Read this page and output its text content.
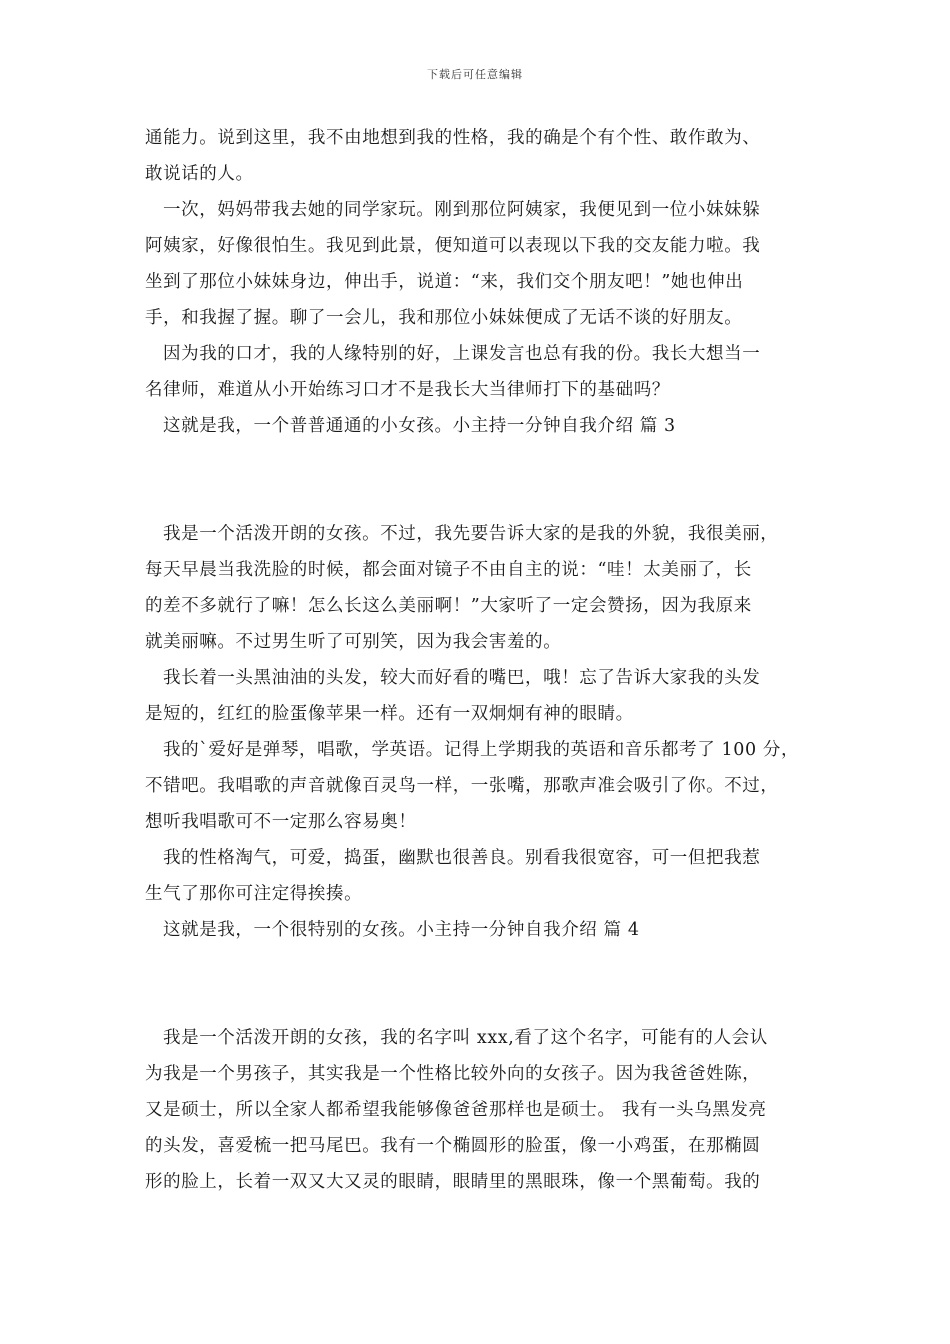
下载后可任意编辑
通能力。说到这里，我不由地想到我的性格，我的确是个有个性、敢作敢为、
敢说话的人。
一次，妈妈带我去她的同学家玩。刚到那位阿姨家，我便见到一位小妹妹躲
阿姨家，好像很怕生。我见到此景，便知道可以表现以下我的交友能力啦。我
坐到了那位小妹妹身边，伸出手，说道：“来，我们交个朋友吧！”她也伸出
手，和我握了握。聊了一会儿，我和那位小妹妹便成了无话不谈的好朋友。
因为我的口才，我的人缘特别的好，上课发言也总有我的份。我长大想当一
名律师，难道从小开始练习口才不是我长大当律师打下的基础吗？
这就是我，一个普普通通的小女孩。小主持一分钟自我介绍 篇 3
我是一个活泼开朗的女孩。不过，我先要告诉大家的是我的外貌，我很美丽，
每天早晨当我洗脸的时候，都会面对镜子不由自主的说：“哇！太美丽了，长
的差不多就行了嘛！怎么长这么美丽啊！”大家听了一定会赞扬，因为我原来
就美丽嘛。不过男生听了可别笑，因为我会害羞的。
我长着一头黑油油的头发，较大而好看的嘴巴，哦！忘了告诉大家我的头发
是短的，红红的脸蛋像苹果一样。还有一双炯炯有神的眼睛。
我的`爱好是弹琴，唱歌，学英语。记得上学期我的英语和音乐都考了 100 分，
不错吧。我唱歌的声音就像百灵鸟一样，一张嘴，那歌声准会吸引了你。不过，
想听我唱歌可不一定那么容易奥！
我的性格淘气，可爱，捣蛋，幽默也很善良。别看我很宽容，可一但把我惹
生气了那你可注定得挨揍。
这就是我，一个很特别的女孩。小主持一分钟自我介绍 篇 4
我是一个活泼开朗的女孩，我的名字叫 xxx,看了这个名字，可能有的人会认
为我是一个男孩子，其实我是一个性格比较外向的女孩子。因为我爸爸姓陈，
又是硕士，所以全家人都希望我能够像爸爸那样也是硕士。 我有一头乌黑发亮
的头发，喜爱梳一把马尾巴。我有一个椭圆形的脸蛋，像一小鸡蛋，在那椭圆
形的脸上，长着一双又大又灵的眼睛，眼睛里的黑眼珠，像一个黑葡萄。我的
